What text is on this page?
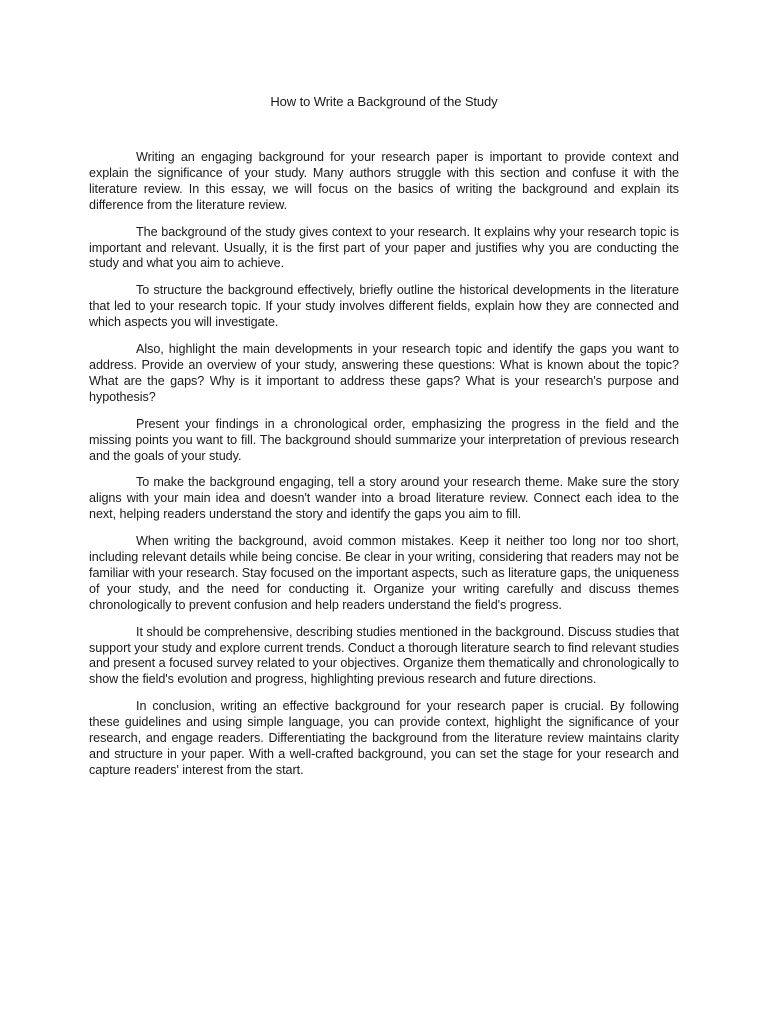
How to Write a Background of the Study

Writing an engaging background for your research paper is important to provide context and explain the significance of your study. Many authors struggle with this section and confuse it with the literature review. In this essay, we will focus on the basics of writing the background and explain its difference from the literature review.

The background of the study gives context to your research. It explains why your research topic is important and relevant. Usually, it is the first part of your paper and justifies why you are conducting the study and what you aim to achieve.

To structure the background effectively, briefly outline the historical developments in the literature that led to your research topic. If your study involves different fields, explain how they are connected and which aspects you will investigate.

Also, highlight the main developments in your research topic and identify the gaps you want to address. Provide an overview of your study, answering these questions: What is known about the topic? What are the gaps? Why is it important to address these gaps? What is your research's purpose and hypothesis?

Present your findings in a chronological order, emphasizing the progress in the field and the missing points you want to fill. The background should summarize your interpretation of previous research and the goals of your study.

To make the background engaging, tell a story around your research theme. Make sure the story aligns with your main idea and doesn't wander into a broad literature review. Connect each idea to the next, helping readers understand the story and identify the gaps you aim to fill.

When writing the background, avoid common mistakes. Keep it neither too long nor too short, including relevant details while being concise. Be clear in your writing, considering that readers may not be familiar with your research. Stay focused on the important aspects, such as literature gaps, the uniqueness of your study, and the need for conducting it. Organize your writing carefully and discuss themes chronologically to prevent confusion and help readers understand the field's progress.

It should be comprehensive, describing studies mentioned in the background. Discuss studies that support your study and explore current trends. Conduct a thorough literature search to find relevant studies and present a focused survey related to your objectives. Organize them thematically and chronologically to show the field's evolution and progress, highlighting previous research and future directions.

In conclusion, writing an effective background for your research paper is crucial. By following these guidelines and using simple language, you can provide context, highlight the significance of your research, and engage readers. Differentiating the background from the literature review maintains clarity and structure in your paper. With a well-crafted background, you can set the stage for your research and capture readers' interest from the start.
